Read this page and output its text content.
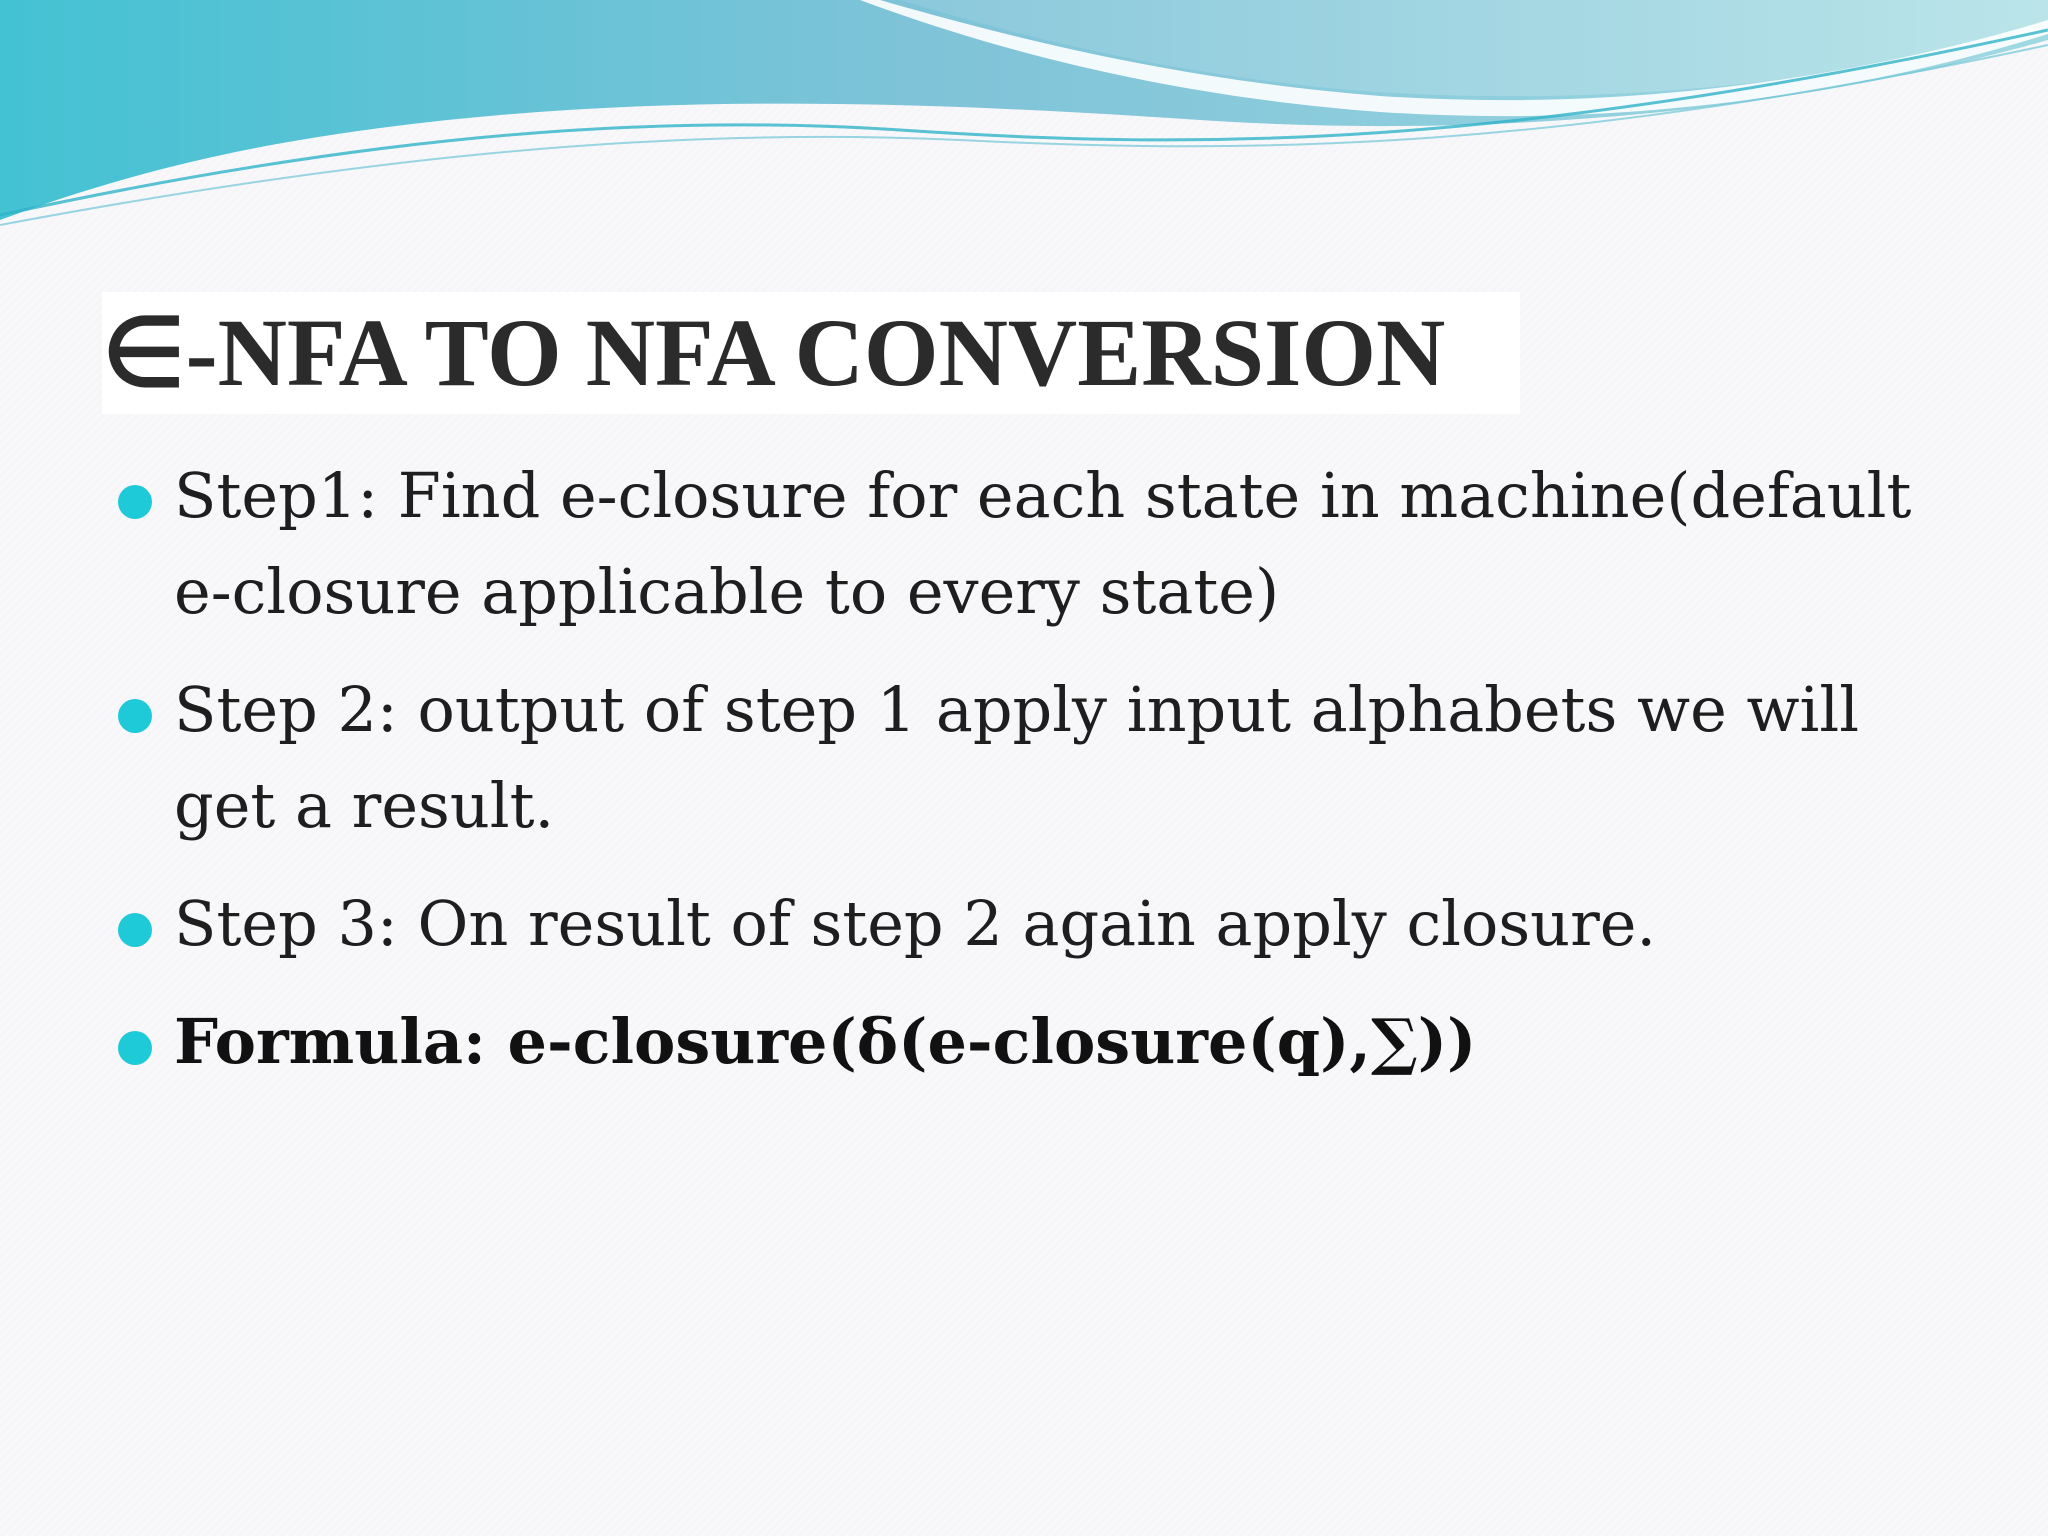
∈-NFA TO NFA CONVERSION
Step1: Find e-closure for each state in machine(default e-closure applicable to every state)
Step 2: output of step 1 apply input alphabets we will get a result.
Step 3: On result of step 2 again apply closure.
Formula: e-closure(δ(e-closure(q),∑))
